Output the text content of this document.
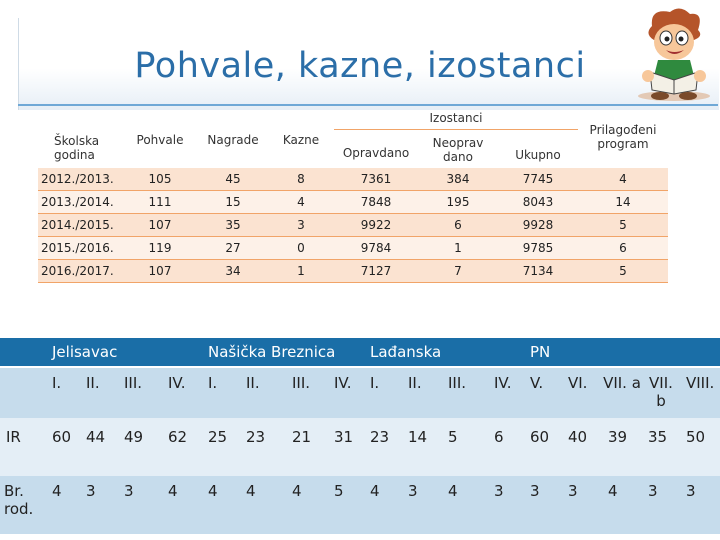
Pohvale, kazne, izostanci
Školska godina	Pohvale	Nagrade	Kazne	Izostanci			Prilagođeni program
				Opravdano	Neoprav dano	Ukupno	
2012./2013.	105	45	8	7361	384	7745	4
2013./2014.	111	15	4	7848	195	8043	14
2014./2015.	107	35	3	9922	6	9928	5
2015./2016.	119	27	0	9784	1	9785	6
2016./2017.	107	34	1	7127	7	7134	5
	Jelisavac				Našička Breznica				Lađanska				PN				
	I.	II.	III.	IV.	I.	II.	III.	IV.	I.	II.	III.	IV.	V.	VI.	VII. a	VII. b	VIII.
IR	60	44	49	62	25	23	21	31	23	14	5	6	60	40	39	35	50
Br. rod.	4	3	3	4	4	4	4	5	4	3	4	3	3	3	4	3	3
